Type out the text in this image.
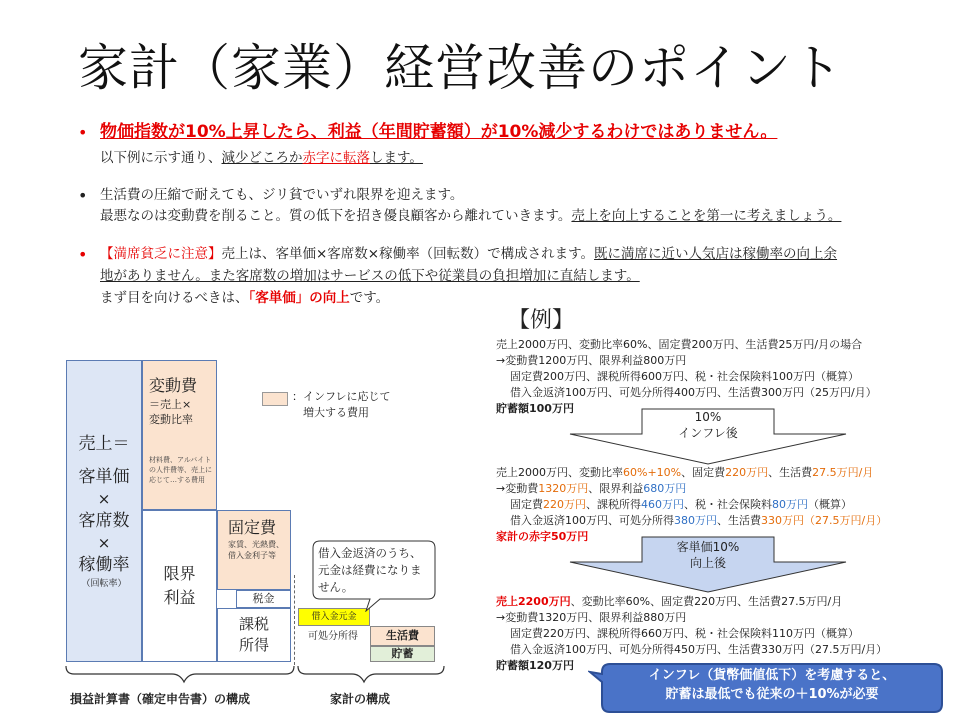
家計（家業）経営改善のポイント
• 物価指数が10%上昇したら、利益（年間貯蓄額）が10%減少するわけではありません。
以下例に示す通り、減少どころか赤字に転落します。
• 生活費の圧縮で耐えても、ジリ貧でいずれ限界を迎えます。
最悪なのは変動費を削ること。質の低下を招き優良顧客から離れていきます。売上を向上することを第一に考えましょう。
• 【満席貧乏に注意】売上は、客単価×客席数×稼働率（回転数）で構成されます。既に満席に近い人気店は稼働率の向上余
地がありません。また客席数の増加はサービスの低下や従業員の負担増加に直結します。
まず目を向けるべきは、「客単価」の向上です。
売上＝
客単価
×
客席数
×
稼働率
（回転率）
変動費
＝売上×
変動比率
材料費、アルバイトの人件費等、売上に応じて…する費用
限界
利益
固定費
家賃、光熱費、借入金利子等
税金
課税
所得
借入金元金
可処分所得	生活費
貯蓄
：インフレに応じて
　増大する費用
借入金返済のうち、元金は経費になりません。
損益計算書（確定申告書）の構成	家計の構成
【例】
売上2000万円、変動比率60%、固定費200万円、生活費25万円/月の場合
→変動費1200万円、限界利益800万円
固定費200万円、課税所得600万円、税・社会保険料100万円（概算）
借入金返済100万円、可処分所得400万円、生活費300万円（25万円/月）
貯蓄額100万円
10%
インフレ後
売上2000万円、変動比率60%+10%、固定費220万円、生活費27.5万円/月
→変動費1320万円、限界利益680万円
固定費220万円、課税所得460万円、税・社会保険料80万円（概算）
借入金返済100万円、可処分所得380万円、生活費330万円（27.5万円/月）
家計の赤字50万円
客単価10%
向上後
売上2200万円、変動比率60%、固定費220万円、生活費27.5万円/月
→変動費1320万円、限界利益880万円
固定費220万円、課税所得660万円、税・社会保険料110万円（概算）
借入金返済100万円、可処分所得450万円、生活費330万円（27.5万円/月）
貯蓄額120万円
インフレ（貨幣価値低下）を考慮すると、
貯蓄は最低でも従来の＋10%が必要
